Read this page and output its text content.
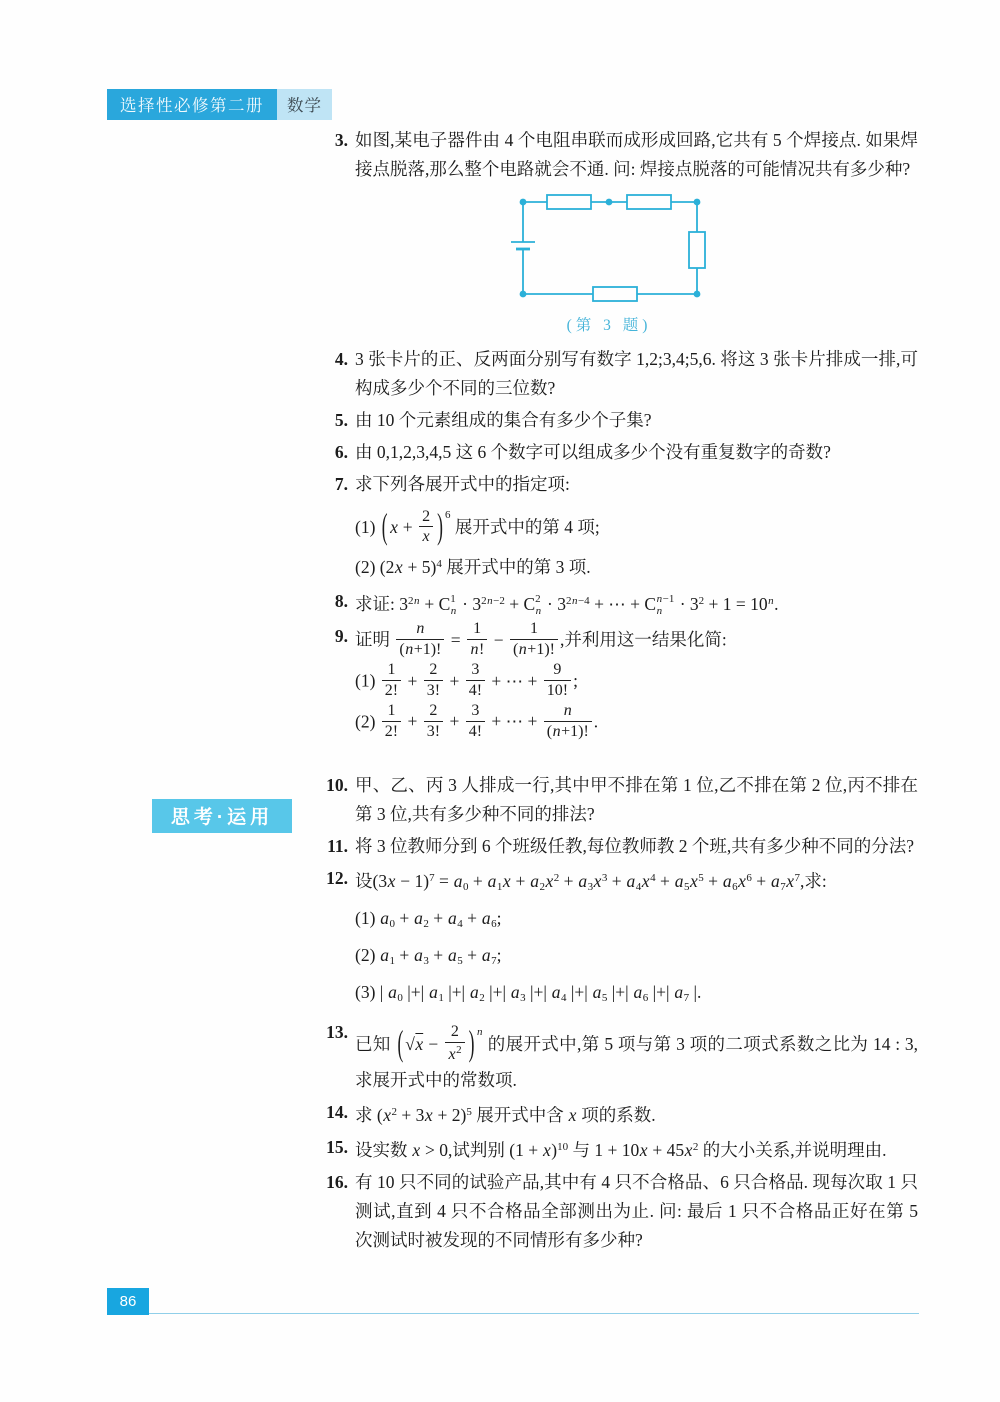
选择性必修第二册	数学
3. 如图,某电子器件由 4 个电阻串联而成形成回路,它共有 5 个焊接点. 如果焊接点脱落,那么整个电路就会不通. 问: 焊接点脱落的可能情况共有多少种?
(第 3 题)
4. 3 张卡片的正、反两面分别写有数字 1,2;3,4;5,6. 将这 3 张卡片排成一排,可构成多少个不同的三位数?
5. 由 10 个元素组成的集合有多少个子集?
6. 由 0,1,2,3,4,5 这 6 个数字可以组成多少个没有重复数字的奇数?
7. 求下列各展开式中的指定项:
(1) ( $x + \frac{2}{x}$ ) $^6$ 展开式中的第 4 项;
(2) $(2x + 5)^4$ 展开式中的第 3 项.
8. 求证: $3^{2n} + C$ 1
$n \cdot 3^{2n-2} + C$ 2
$n \cdot 3^{2n-4}$ + ⋯ + C n−1
$n \cdot 3^2 + 1 = 10^n$.
9. 证明 $\frac{n}{(n+1)!} = \frac{1}{n!} - \frac{1}{(n+1)!}$ ,并利用这一结果化简:
$(1) \frac{1}{2!} + \frac{2}{3!} + \frac{3}{4!}$ + ⋯ + $\frac{9}{10!}$ ;
$(2) \frac{1}{2!} + \frac{2}{3!} + \frac{3}{4!}$ + ⋯ + $\frac{n}{(n+1)!}$ .
10. 甲、乙、丙 3 人排成一行,其中甲不排在第 1 位,乙不排在第 2 位,丙不排在第 3 位,共有多少种不同的排法?
11. 将 3 位教师分到 6 个班级任教,每位教师教 2 个班,共有多少种不同的分法?
12. 设$(3x - 1)^7 = a_0 + a_1x + a_2x^2 + a_3x^3 + a_4x^4 + a_5x^5 + a_6x^6 + a_7x^7$,求:
(1) $a_0 + a_2 + a_4 + a_6$;
(2) $a_1 + a_3 + a_5 + a_7$;
(3) | $a_0$ |+| $a_1$ |+| $a_2$ |+| $a_3$ |+| $a_4$ |+| $a_5$ |+| $a_6$ |+| $a_7$ |.
13.
已知 ( $√x - \frac{2}{x^2}$ ) $^n$ 的展开式中,第 5 项与第 3 项的二项式系数之比为 14 : 3,求展开式中的常数项.
14. 求 $(x^2 + 3x + 2)^5$ 展开式中含 x 项的系数.
15. 设实数 x > 0,试判别 $(1 + x)^{10}$ 与 $1 + 10x + 45x^2$ 的大小关系,并说明理由.
16. 有 10 只不同的试验产品,其中有 4 只不合格品、6 只合格品. 现每次取 1 只测试,直到 4 只不合格品全部测出为止. 问: 最后 1 只不合格品正好在第 5 次测试时被发现的不同情形有多少种?
思考·运用
86
